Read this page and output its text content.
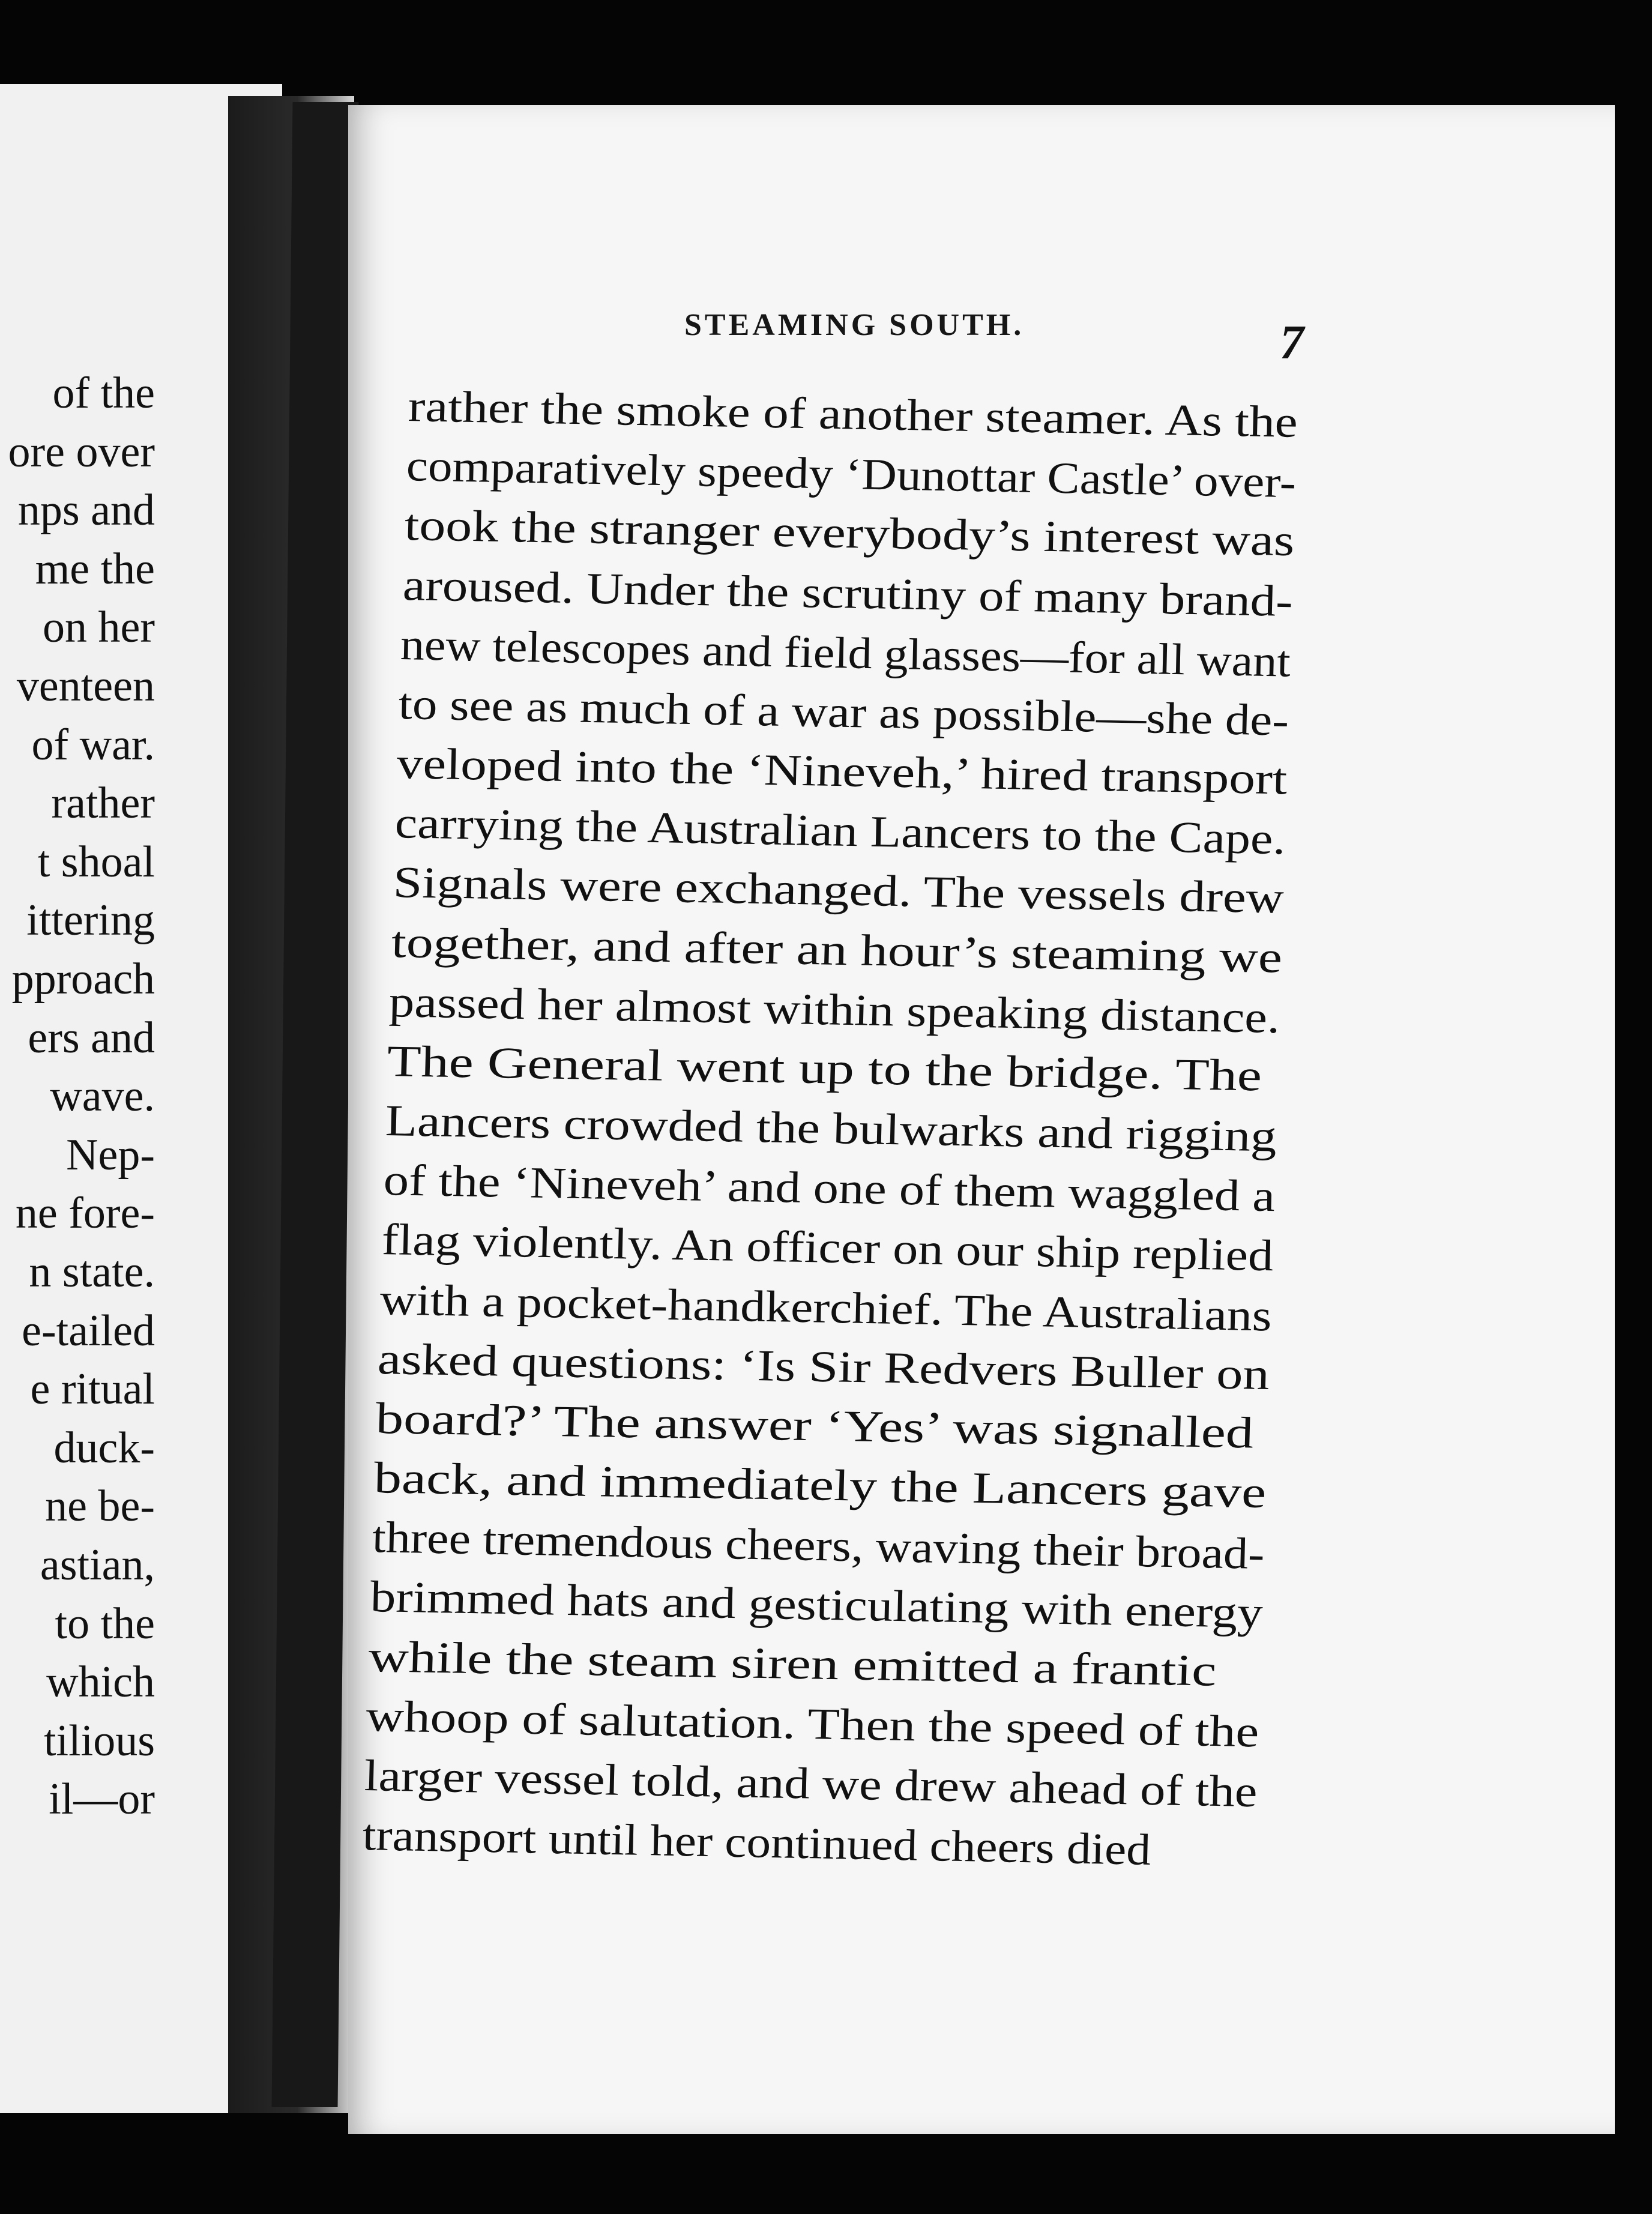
of the
ore over
nps and
me the
on her
venteen
of war.
rather
t shoal
ittering
pproach
ers and
wave.
Nep-
ne fore-
n state.
e-tailed
e ritual
duck-
ne be-
astian,
to the
which
tilious
il—or
STEAMING SOUTH.	7
rather the smoke of another steamer. As the
comparatively speedy ‘Dunottar Castle’ over-
took the stranger everybody’s interest was
aroused. Under the scrutiny of many brand-
new telescopes and field glasses—for all want
to see as much of a war as possible—she de-
veloped into the ‘Nineveh,’ hired transport
carrying the Australian Lancers to the Cape.
Signals were exchanged. The vessels drew
together, and after an hour’s steaming we
passed her almost within speaking distance.
The General went up to the bridge. The
Lancers crowded the bulwarks and rigging
of the ‘Nineveh’ and one of them waggled a
flag violently. An officer on our ship replied
with a pocket-handkerchief. The Australians
asked questions: ‘Is Sir Redvers Buller on
board?’ The answer ‘Yes’ was signalled
back, and immediately the Lancers gave
three tremendous cheers, waving their broad-
brimmed hats and gesticulating with energy
while the steam siren emitted a frantic
whoop of salutation. Then the speed of the
larger vessel told, and we drew ahead of the
transport until her continued cheers died
